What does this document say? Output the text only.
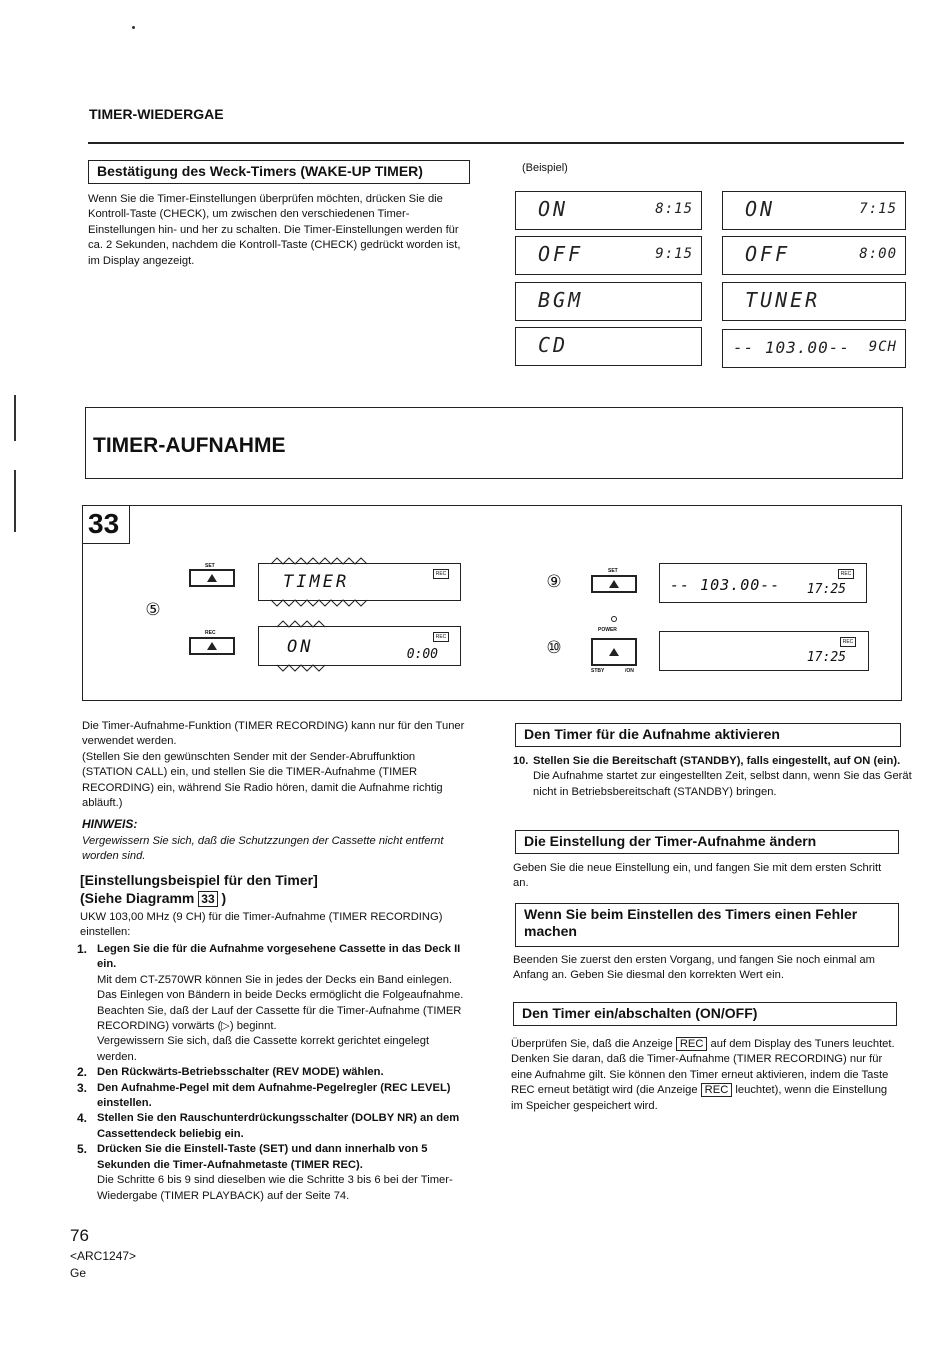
TIMER-WIEDERGAE
Bestätigung des Weck-Timers (WAKE-UP TIMER)
Wenn Sie die Timer-Einstellungen überprüfen möchten, drücken Sie die Kontroll-Taste (CHECK), um zwischen den verschiedenen Timer-Einstellungen hin- und her zu schalten. Die Timer-Einstellungen werden für ca. 2 Sekunden, nachdem die Kontroll-Taste (CHECK) gedrückt worden ist, im Display angezeigt.
(Beispiel)
ON	8:15
OFF	9:15
BGM
CD
ON	7:15
OFF	8:00
TUNER
-- 103.00-- 9CH
TIMER-AUFNAHME
33
⑤
SET
REC
TIMER	REC
ON	0:00
REC
⑨
⑩
SET
POWER
STBY	/ON
-- 103.00-- 17:25
REC
17:25
REC
Die Timer-Aufnahme-Funktion (TIMER RECORDING) kann nur für den Tuner verwendet werden.
(Stellen Sie den gewünschten Sender mit der Sender-Abruffunktion (STATION CALL) ein, und stellen Sie die TIMER-Aufnahme (TIMER RECORDING) ein, während Sie Radio hören, damit die Aufnahme richtig abläuft.)
HINWEIS:
Vergewissern Sie sich, daß die Schutzzungen der Cassette nicht entfernt worden sind.
[Einstellungsbeispiel für den Timer]
(Siehe Diagramm 33 )
UKW 103,00 MHz (9 CH) für die Timer-Aufnahme (TIMER RECORDING) einstellen:
1. Legen Sie die für die Aufnahme vorgesehene Cassette in das Deck II ein.
Mit dem CT-Z570WR können Sie in jedes der Decks ein Band einlegen. Das Einlegen von Bändern in beide Decks ermöglicht die Folgeaufnahme.
Beachten Sie, daß der Lauf der Cassette für die Timer-Aufnahme (TIMER RECORDING) vorwärts (▷) beginnt.
Vergewissern Sie sich, daß die Cassette korrekt gerichtet eingelegt werden.
2. Den Rückwärts-Betriebsschalter (REV MODE) wählen.
3. Den Aufnahme-Pegel mit dem Aufnahme-Pegelregler (REC LEVEL) einstellen.
4. Stellen Sie den Rauschunterdrückungsschalter (DOLBY NR) an dem Cassettendeck beliebig ein.
5. Drücken Sie die Einstell-Taste (SET) und dann innerhalb von 5 Sekunden die Timer-Aufnahmetaste (TIMER REC).
Die Schritte 6 bis 9 sind dieselben wie die Schritte 3 bis 6 bei der Timer-Wiedergabe (TIMER PLAYBACK) auf der Seite 74.
Den Timer für die Aufnahme aktivieren
10. Stellen Sie die Bereitschaft (STANDBY), falls eingestellt, auf ON (ein).
Die Aufnahme startet zur eingestellten Zeit, selbst dann, wenn Sie das Gerät nicht in Betriebsbereitschaft (STANDBY) bringen.
Die Einstellung der Timer-Aufnahme ändern
Geben Sie die neue Einstellung ein, und fangen Sie mit dem ersten Schritt an.
Wenn Sie beim Einstellen des Timers einen Fehler machen
Beenden Sie zuerst den ersten Vorgang, und fangen Sie noch einmal am Anfang an. Geben Sie diesmal den korrekten Wert ein.
Den Timer ein/abschalten (ON/OFF)
Überprüfen Sie, daß die Anzeige REC auf dem Display des Tuners leuchtet. Denken Sie daran, daß die Timer-Aufnahme (TIMER RECORDING) nur für eine Aufnahme gilt. Sie können den Timer erneut aktivieren, indem die Taste REC erneut betätigt wird (die Anzeige REC leuchtet), wenn die Einstellung im Speicher gespeichert wird.
76
<ARC1247>
Ge
